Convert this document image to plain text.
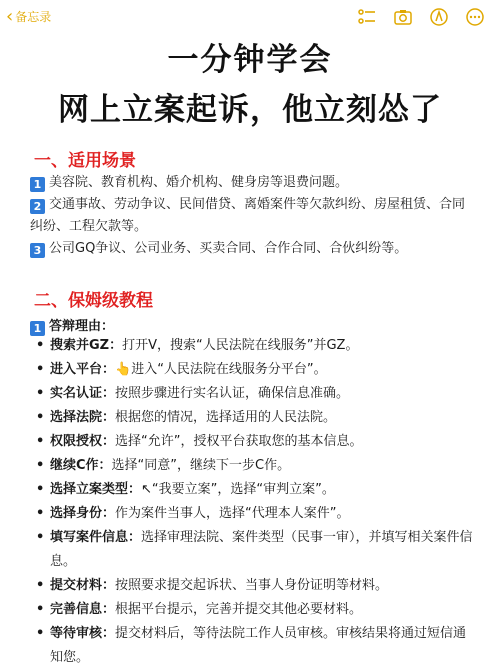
‹ 备忘录
一分钟学会
网上立案起诉，他立刻怂了
一、适用场景
1 美容院、教育机构、婚介机构、健身房等退费问题。
2 交通事故、劳动争议、民间借贷、离婚案件等欠款纠纷、房屋租赁、合同纠纷、工程欠款等。
3 公司GQ争议、公司业务、买卖合同、合作合同、合伙纠纷等。
二、保姆级教程
1 答辩理由：
• 搜索并GZ：打开V，搜索“人民法院在线服务”并GZ。
• 进入平台：👆进入“人民法院在线服务分平台”。
• 实名认证：按照步骤进行实名认证，确保信息准确。
• 选择法院：根据您的情况，选择适用的人民法院。
• 权限授权：选择“允许”，授权平台获取您的基本信息。
• 继续C作：选择“同意”，继续下一步C作。
• 选择立案类型：↖“我要立案”，选择“审判立案”。
• 选择身份：作为案件当事人，选择“代理本人案件”。
• 填写案件信息：选择审理法院、案件类型（民事一审），并填写相关案件信息。
• 提交材料：按照要求提交起诉状、当事人身份证明等材料。
• 完善信息：根据平台提示，完善并提交其他必要材料。
• 等待审核：提交材料后，等待法院工作人员审核。审核结果将通过短信通知您。
